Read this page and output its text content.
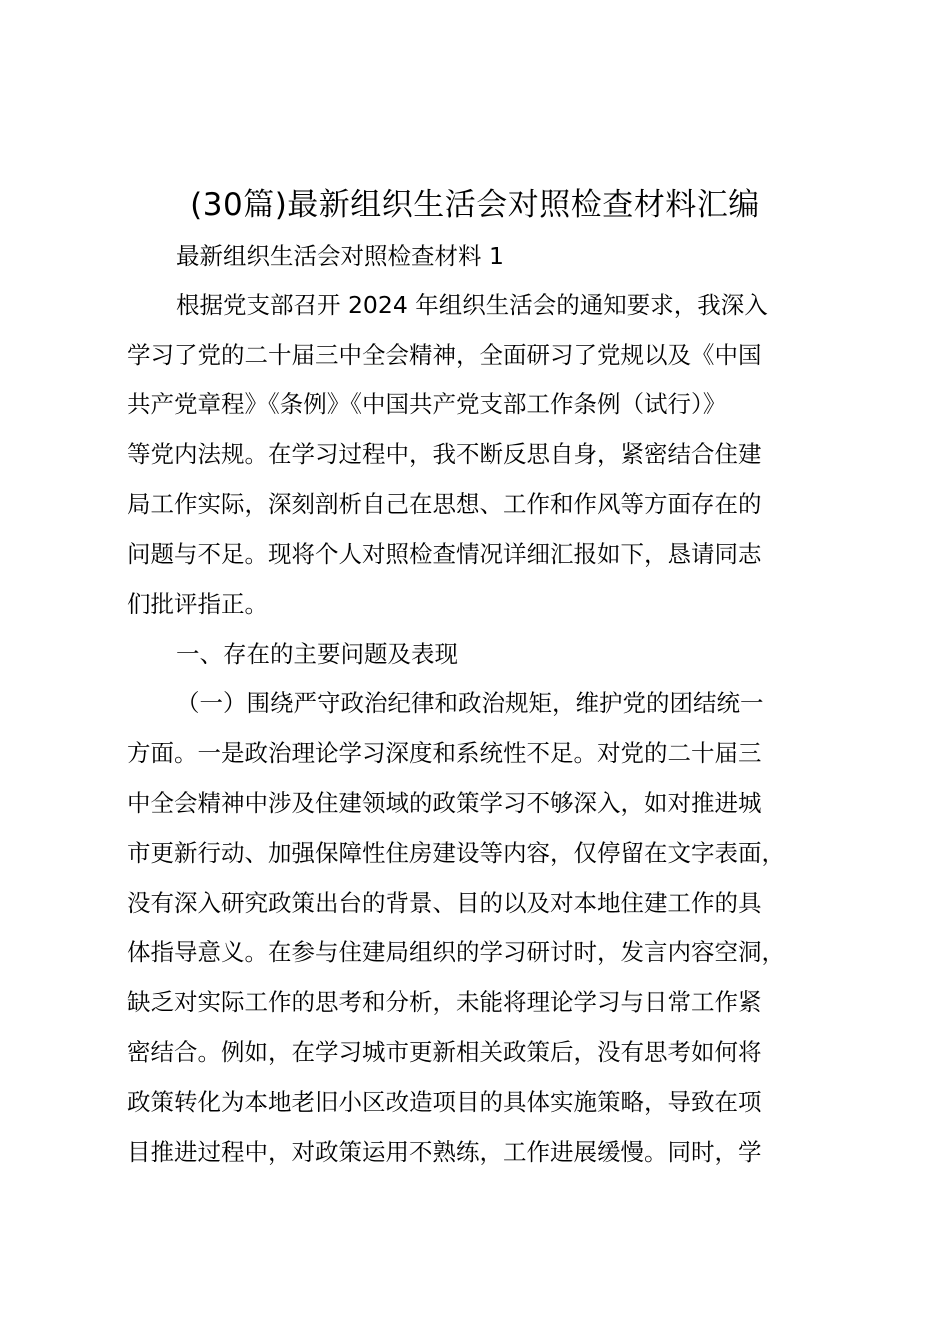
(30篇)最新组织生活会对照检查材料汇编
最新组织生活会对照检查材料 1
根据党支部召开 2024 年组织生活会的通知要求，我深入
学习了党的二十届三中全会精神，全面研习了党规以及《中国
共产党章程》《条例》《中国共产党支部工作条例（试行）》
等党内法规。在学习过程中，我不断反思自身，紧密结合住建
局工作实际，深刻剖析自己在思想、工作和作风等方面存在的
问题与不足。现将个人对照检查情况详细汇报如下，恳请同志
们批评指正。
一、存在的主要问题及表现
（一）围绕严守政治纪律和政治规矩，维护党的团结统一
方面。一是政治理论学习深度和系统性不足。对党的二十届三
中全会精神中涉及住建领域的政策学习不够深入，如对推进城
市更新行动、加强保障性住房建设等内容，仅停留在文字表面，
没有深入研究政策出台的背景、目的以及对本地住建工作的具
体指导意义。在参与住建局组织的学习研讨时，发言内容空洞，
缺乏对实际工作的思考和分析，未能将理论学习与日常工作紧
密结合。例如，在学习城市更新相关政策后，没有思考如何将
政策转化为本地老旧小区改造项目的具体实施策略，导致在项
目推进过程中，对政策运用不熟练，工作进展缓慢。同时，学
